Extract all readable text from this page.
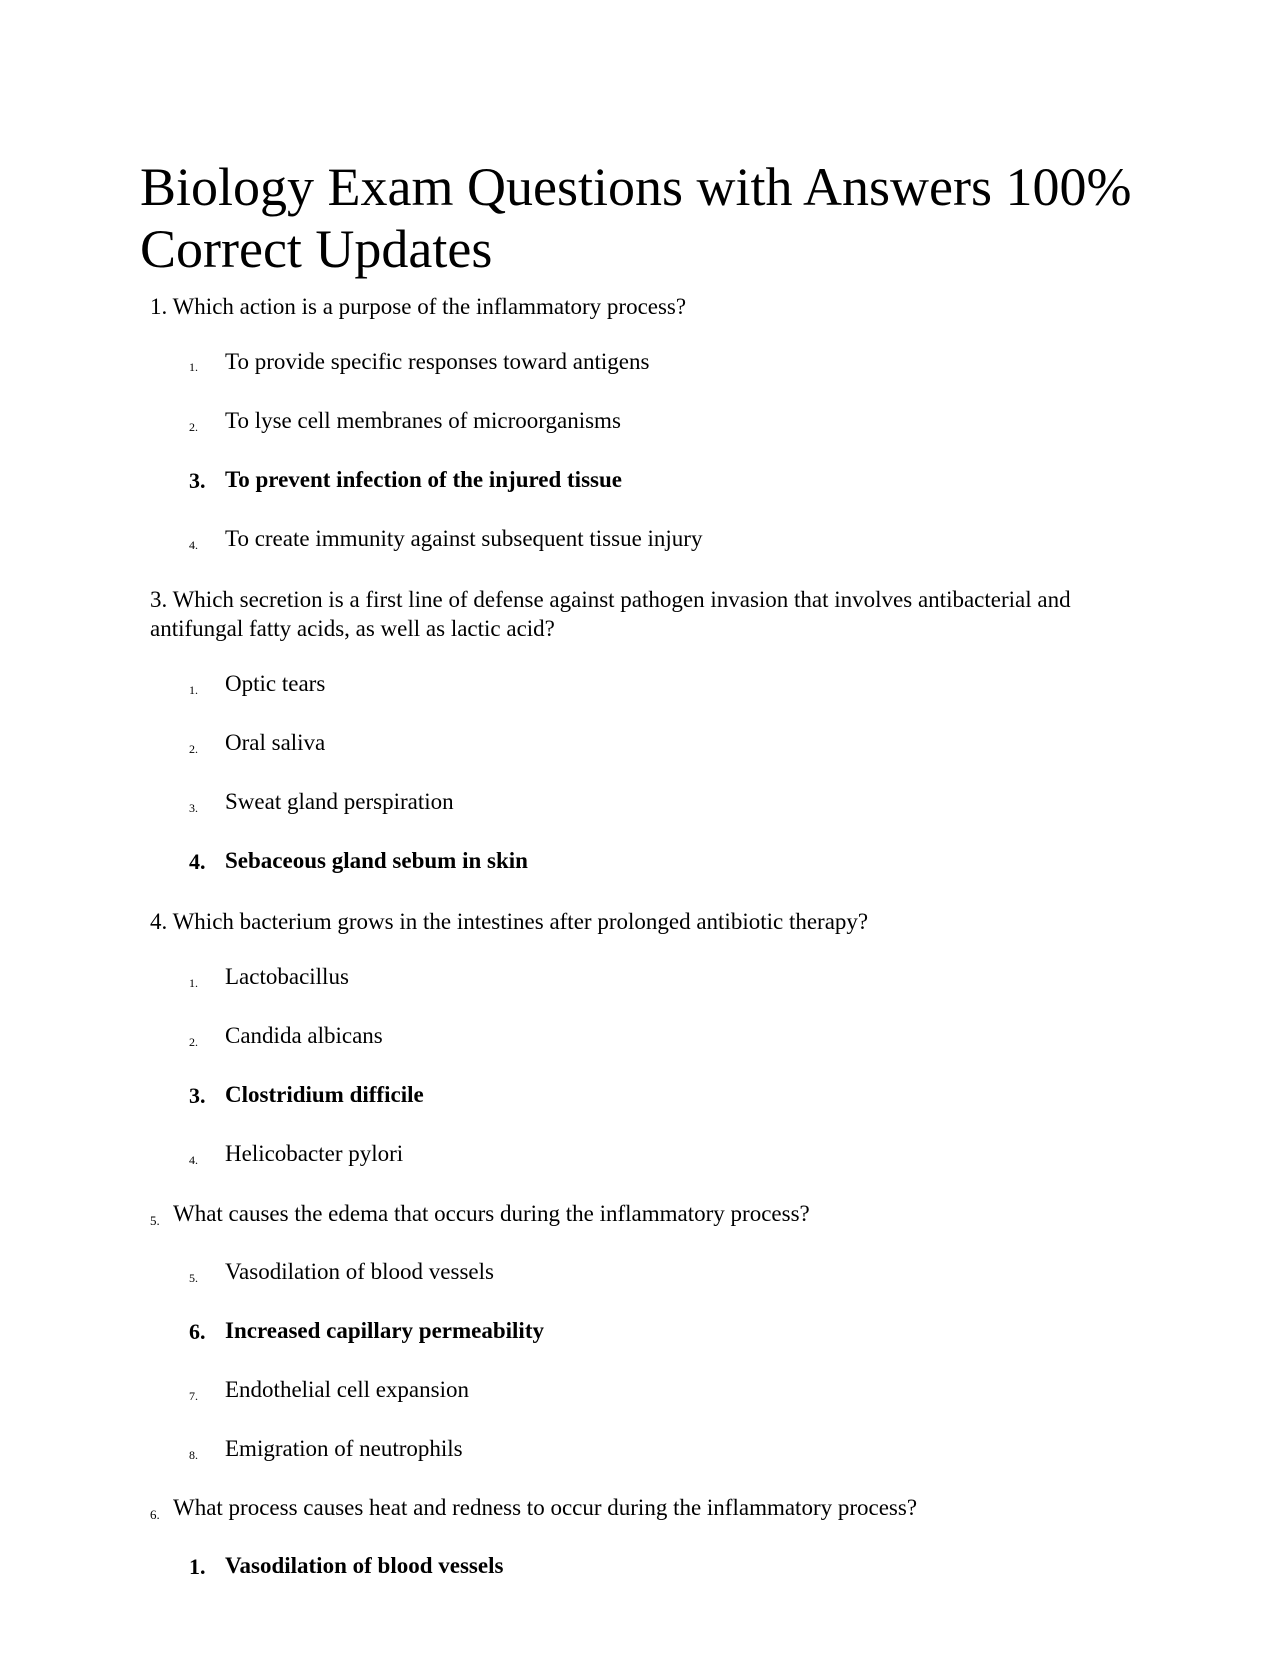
Biology Exam Questions with Answers 100% Correct Updates
1. Which action is a purpose of the inflammatory process?
1. To provide specific responses toward antigens
2. To lyse cell membranes of microorganisms
3. To prevent infection of the injured tissue
4. To create immunity against subsequent tissue injury
3. Which secretion is a first line of defense against pathogen invasion that involves antibacterial and antifungal fatty acids, as well as lactic acid?
1. Optic tears
2. Oral saliva
3. Sweat gland perspiration
4. Sebaceous gland sebum in skin
4. Which bacterium grows in the intestines after prolonged antibiotic therapy?
1. Lactobacillus
2. Candida albicans
3. Clostridium difficile
4. Helicobacter pylori
5. What causes the edema that occurs during the inflammatory process?
5. Vasodilation of blood vessels
6. Increased capillary permeability
7. Endothelial cell expansion
8. Emigration of neutrophils
6. What process causes heat and redness to occur during the inflammatory process?
1. Vasodilation of blood vessels
